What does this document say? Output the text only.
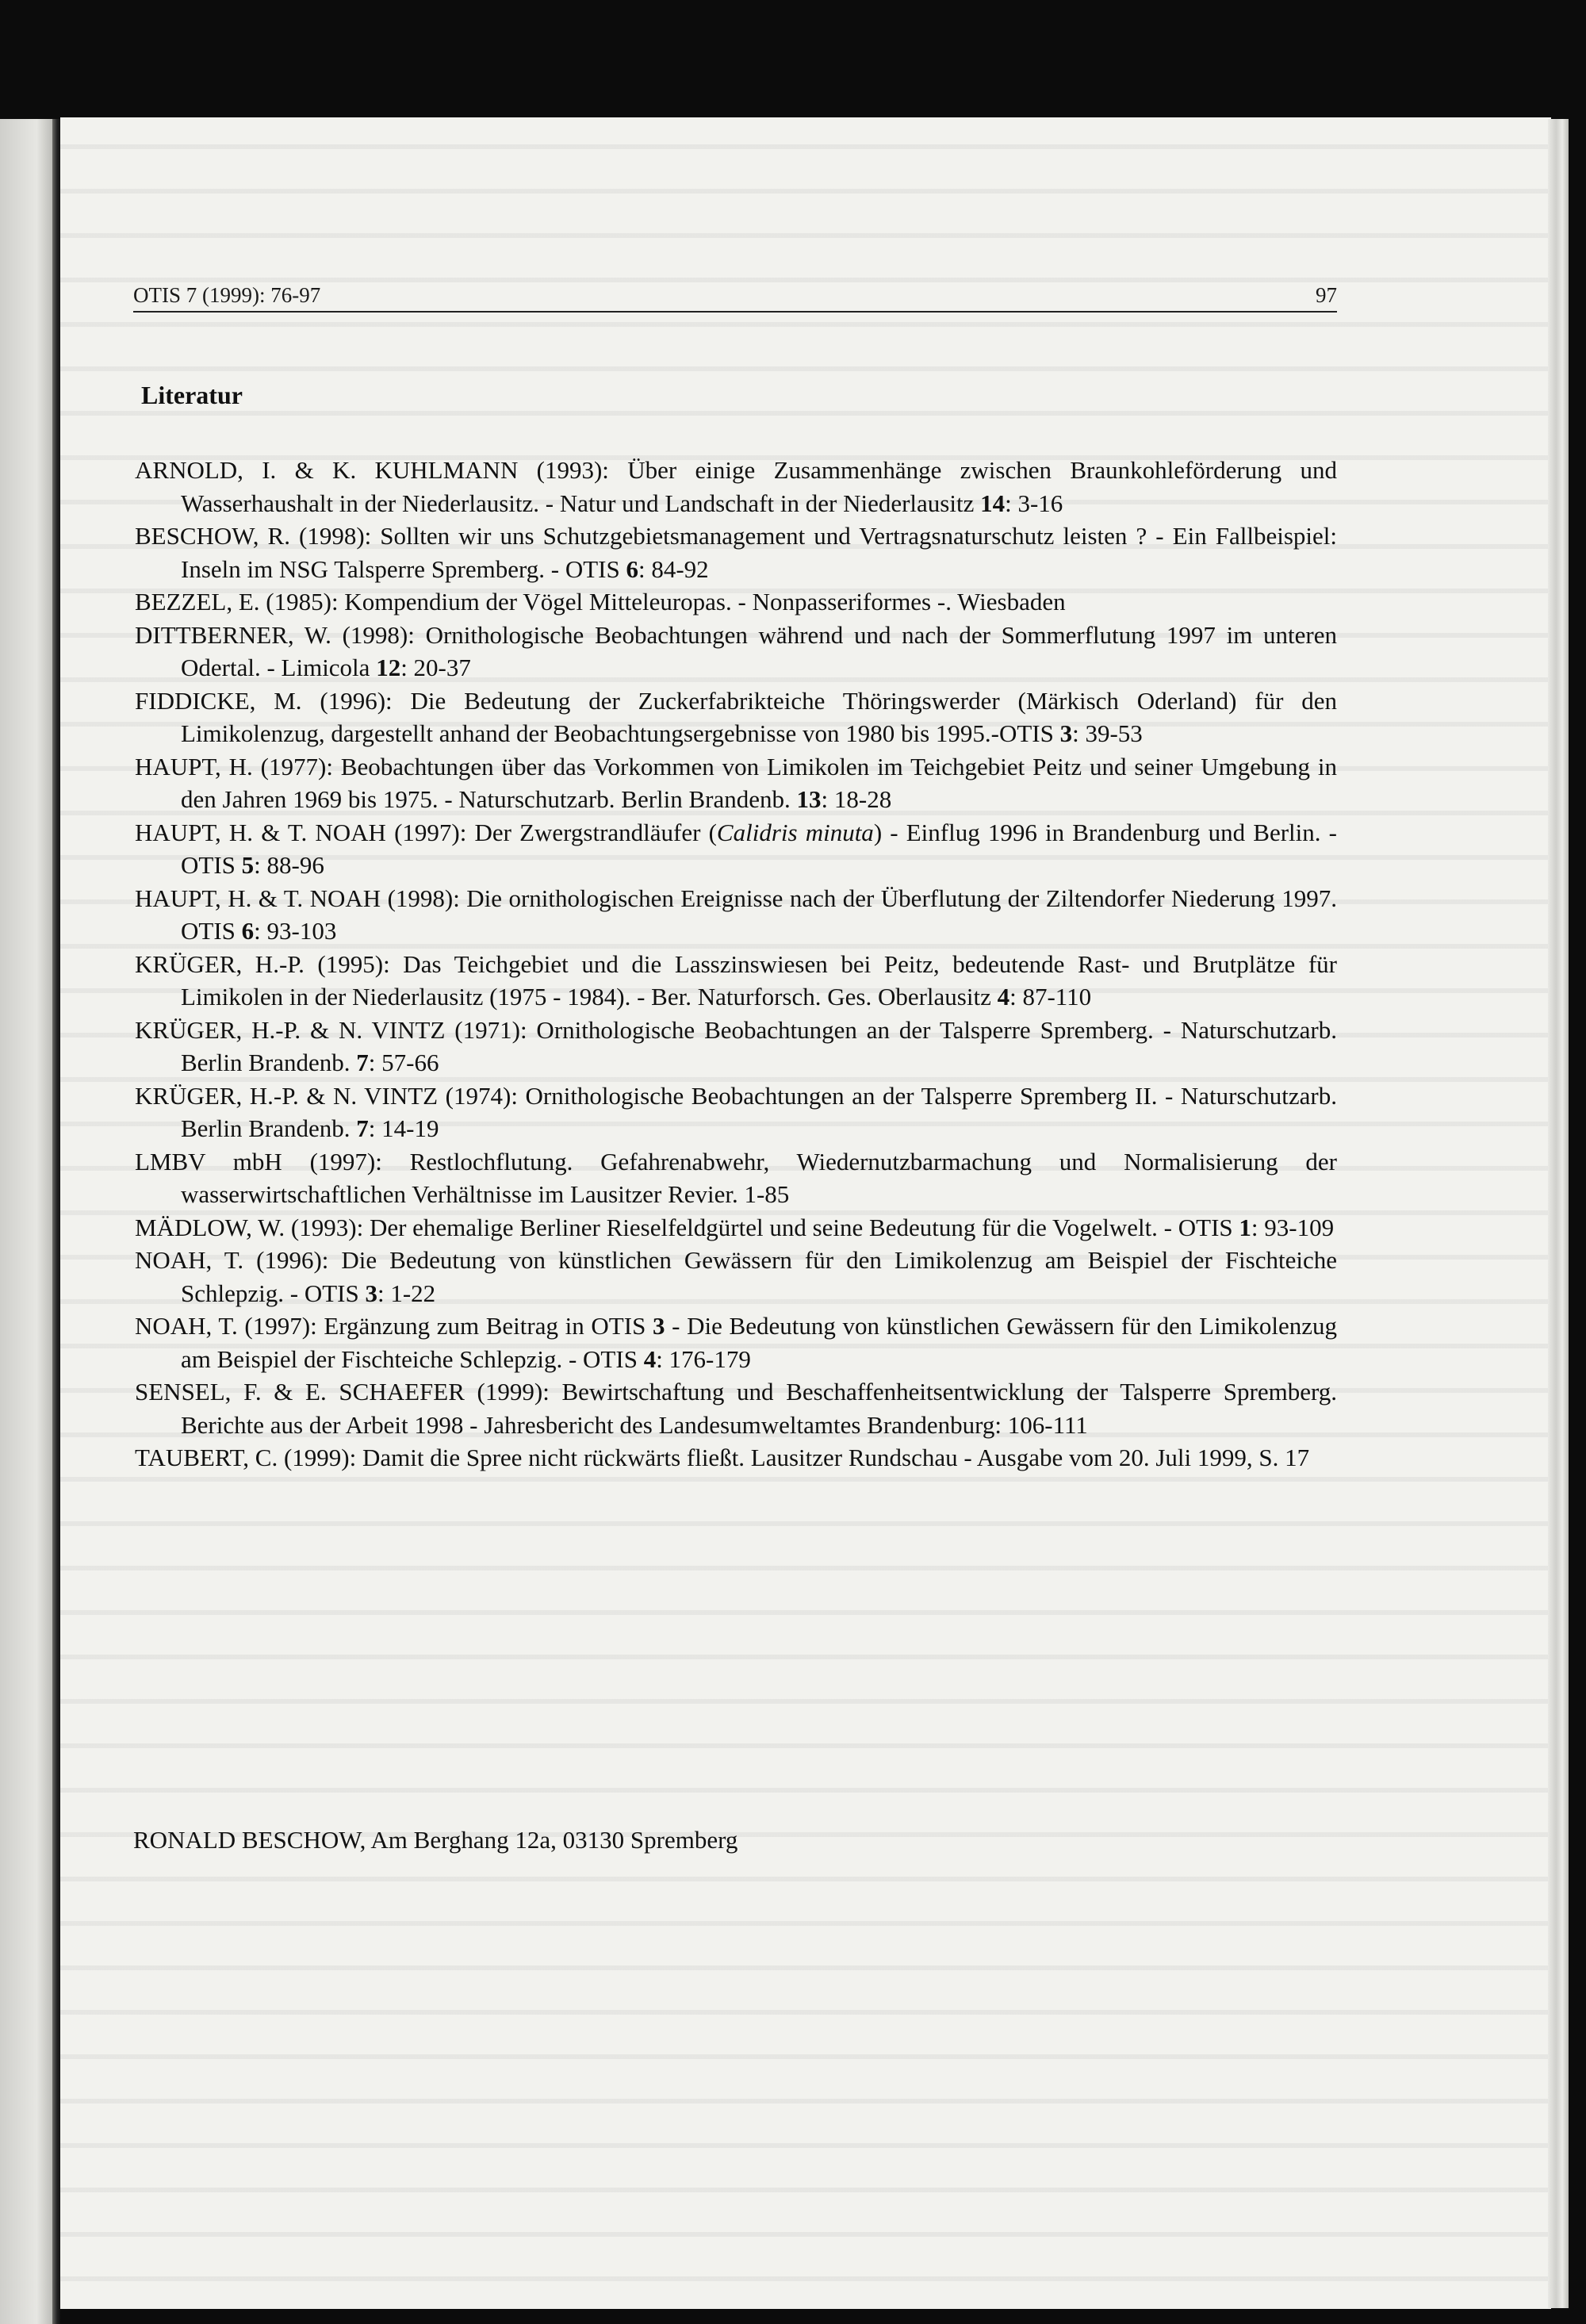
OTIS 7 (1999): 76-97	97
Literatur

ARNOLD, I. & K. KUHLMANN (1993): Über einige Zusammenhänge zwischen Braunkohleförderung und Wasserhaushalt in der Niederlausitz. - Natur und Landschaft in der Niederlausitz 14: 3-16

BESCHOW, R. (1998): Sollten wir uns Schutzgebietsmanagement und Vertragsnaturschutz leisten ? - Ein Fallbeispiel: Inseln im NSG Talsperre Spremberg. - OTIS 6: 84-92

BEZZEL, E. (1985): Kompendium der Vögel Mitteleuropas. - Nonpasseriformes -. Wiesbaden

DITTBERNER, W. (1998): Ornithologische Beobachtungen während und nach der Sommerflutung 1997 im unteren Odertal. - Limicola 12: 20-37

FIDDICKE, M. (1996): Die Bedeutung der Zuckerfabrikteiche Thöringswerder (Märkisch Oderland) für den Limikolenzug, dargestellt anhand der Beobachtungsergebnisse von 1980 bis 1995.-OTIS 3: 39-53

HAUPT, H. (1977): Beobachtungen über das Vorkommen von Limikolen im Teichgebiet Peitz und seiner Umgebung in den Jahren 1969 bis 1975. - Naturschutzarb. Berlin Brandenb. 13: 18-28

HAUPT, H. & T. NOAH (1997): Der Zwergstrandläufer (Calidris minuta) - Einflug 1996 in Brandenburg und Berlin. - OTIS 5: 88-96

HAUPT, H. & T. NOAH (1998): Die ornithologischen Ereignisse nach der Überflutung der Ziltendorfer Niederung 1997. OTIS 6: 93-103

KRÜGER, H.-P. (1995): Das Teichgebiet und die Lasszinswiesen bei Peitz, bedeutende Rast- und Brutplätze für Limikolen in der Niederlausitz (1975 - 1984). - Ber. Naturforsch. Ges. Oberlausitz 4: 87-110

KRÜGER, H.-P. & N. VINTZ (1971): Ornithologische Beobachtungen an der Talsperre Spremberg. - Naturschutzarb. Berlin Brandenb. 7: 57-66

KRÜGER, H.-P. & N. VINTZ (1974): Ornithologische Beobachtungen an der Talsperre Spremberg II. - Naturschutzarb. Berlin Brandenb. 7: 14-19

LMBV mbH (1997): Restlochflutung. Gefahrenabwehr, Wiedernutzbarmachung und Normalisierung der wasserwirtschaftlichen Verhältnisse im Lausitzer Revier. 1-85

MÄDLOW, W. (1993): Der ehemalige Berliner Rieselfeldgürtel und seine Bedeutung für die Vogelwelt. - OTIS 1: 93-109

NOAH, T. (1996): Die Bedeutung von künstlichen Gewässern für den Limikolenzug am Beispiel der Fischteiche Schlepzig. - OTIS 3: 1-22

NOAH, T. (1997): Ergänzung zum Beitrag in OTIS 3 - Die Bedeutung von künstlichen Gewässern für den Limikolenzug am Beispiel der Fischteiche Schlepzig. - OTIS 4: 176-179

SENSEL, F. & E. SCHAEFER (1999): Bewirtschaftung und Beschaffenheitsentwicklung der Talsperre Spremberg. Berichte aus der Arbeit 1998 - Jahresbericht des Landesumweltamtes Brandenburg: 106-111

TAUBERT, C. (1999): Damit die Spree nicht rückwärts fließt. Lausitzer Rundschau - Ausgabe vom 20. Juli 1999, S. 17

RONALD BESCHOW, Am Berghang 12a, 03130 Spremberg
